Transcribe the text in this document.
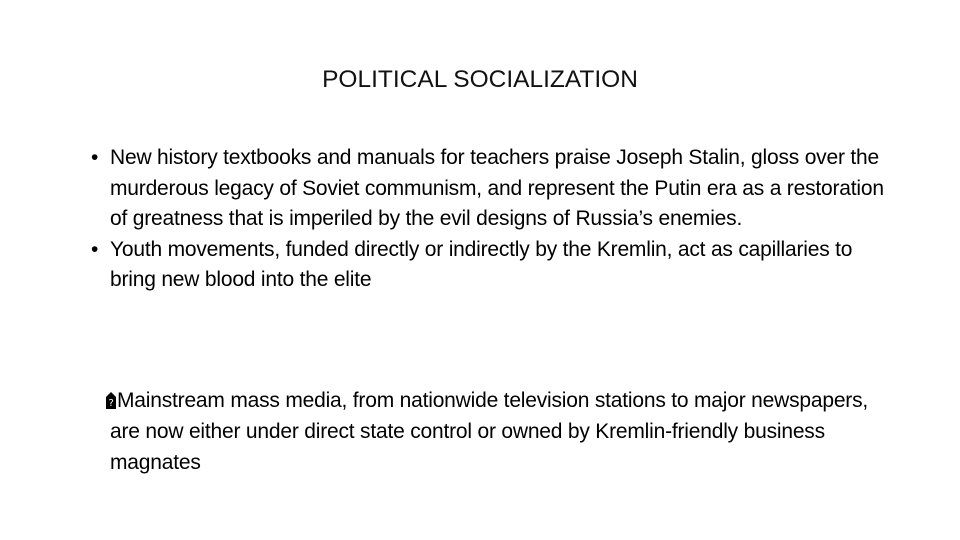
POLITICAL SOCIALIZATION
• New history textbooks and manuals for teachers praise Joseph Stalin, gloss over the murderous legacy of Soviet communism, and represent the Putin era as a restoration of greatness that is imperiled by the evil designs of Russia’s enemies.
• Youth movements, funded directly or indirectly by the Kremlin, act as capillaries to bring new blood into the elite
? Mainstream mass media, from nationwide television stations to major newspapers, are now either under direct state control or owned by Kremlin-friendly business magnates
